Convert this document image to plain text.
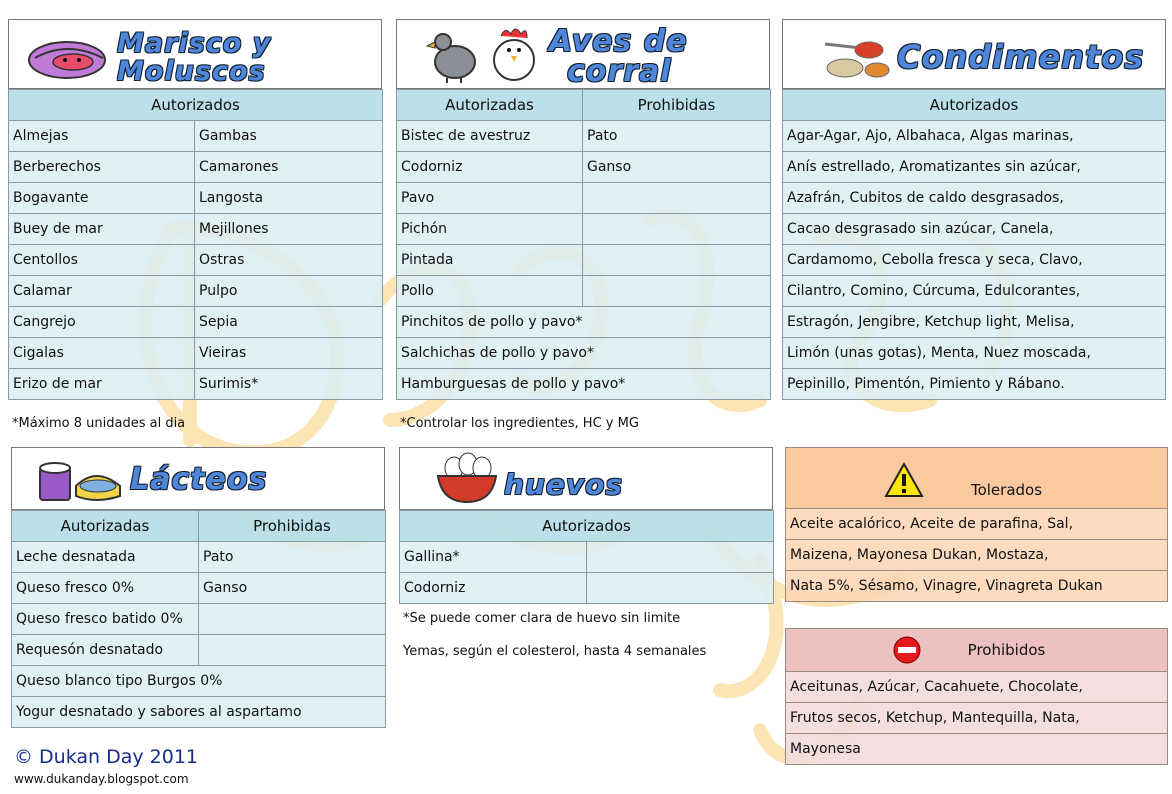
Marisco y Moluscos
Autorizados	
Almejas	Gambas
Berberechos	Camarones
Bogavante	Langosta
Buey de mar	Mejillones
Centollos	Ostras
Calamar	Pulpo
Cangrejo	Sepia
Cigalas	Vieiras
Erizo de mar	Surimis*
*Máximo 8 unidades al dia
Aves de
corral
Autorizadas	Prohibidas
Bistec de avestruz	Pato
Codorniz	Ganso
Pavo	
Pichón	
Pintada	
Pollo	
Pinchitos de pollo y pavo*	
Salchichas de pollo y pavo*	
Hamburguesas de pollo y pavo*	
*Controlar los ingredientes, HC y MG
Condimentos
Autorizados
Agar-Agar, Ajo, Albahaca, Algas marinas,
Anís estrellado, Aromatizantes sin azúcar,
Azafrán, Cubitos de caldo desgrasados,
Cacao desgrasado sin azúcar, Canela,
Cardamomo, Cebolla fresca y seca, Clavo,
Cilantro, Comino, Cúrcuma, Edulcorantes,
Estragón, Jengibre, Ketchup light, Melisa,
Limón (unas gotas), Menta, Nuez moscada,
Pepinillo, Pimentón, Pimiento y Rábano.
Lácteos
Autorizadas	Prohibidas
Leche desnatada	Pato
Queso fresco 0%	Ganso
Queso fresco batido 0%	
Requesón desnatado	
Queso blanco tipo Burgos 0%	
Yogur desnatado y sabores al aspartamo	
huevos
Autorizados	
Gallina*	
Codorniz	
*Se puede comer clara de huevo sin limite
Yemas, según el colesterol, hasta 4 semanales
Tolerados
Aceite acalórico, Aceite de parafina, Sal,
Maizena, Mayonesa Dukan, Mostaza,
Nata 5%, Sésamo, Vinagre, Vinagreta Dukan
Prohibidos
Aceitunas, Azúcar, Cacahuete, Chocolate,
Frutos secos, Ketchup, Mantequilla, Nata,
Mayonesa
© Dukan Day 2011
www.dukanday.blogspot.com
